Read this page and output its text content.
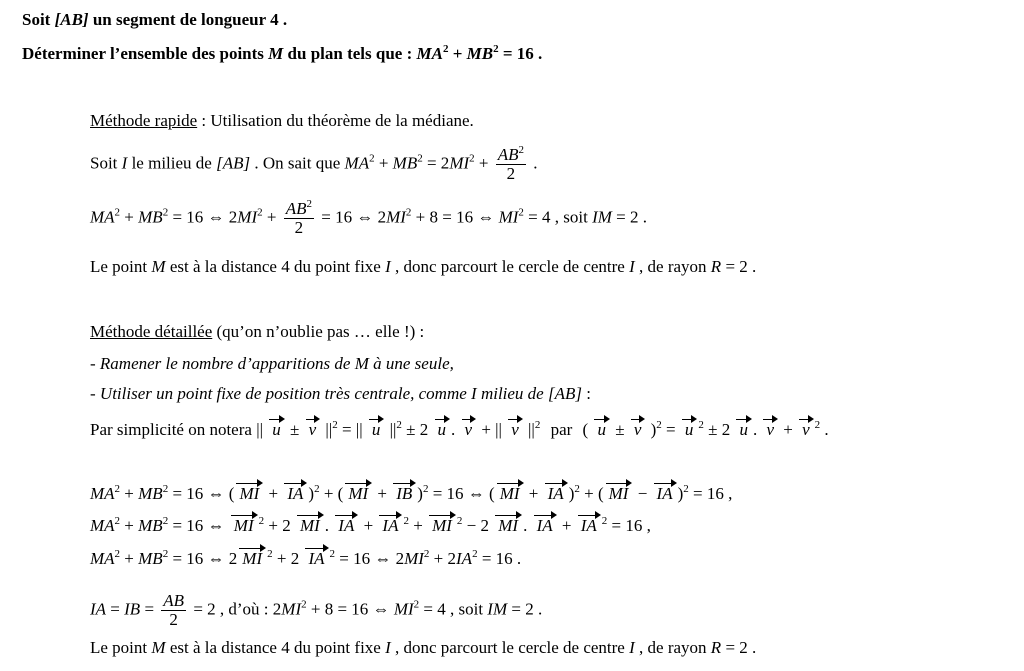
Soit [AB] un segment de longueur 4 .
Déterminer l’ensemble des points M du plan tels que : $MA^2 + MB^2 = 16$ .
Méthode rapide : Utilisation du théorème de la médiane.
Soit I le milieu de [AB] . On sait que $MA^2 + MB^2 = 2MI^2 + \frac{AB^2}{2}$ .
$MA^2 + MB^2 = 16$ ⇔ $2MI^2 + \frac{AB^2}{2} = 16$ ⇔ $2MI^2 + 8 = 16$ ⇔ $MI^2 = 4$ , soit IM = 2 .
Le point M est à la distance 4 du point fixe I , donc parcourt le cercle de centre I , de rayon R = 2 .
Méthode détaillée (qu’on n’oublie pas … elle !) :
- Ramener le nombre d’apparitions de M à une seule,
- Utiliser un point fixe de position très centrale, comme I milieu de [AB] :
Par simplicité on notera || u ± v $||^2$ = || u $||^2 \pm 2$ u . v + || v $||^2$ par ( u ± v )$^2$ = u $^2$ ± 2 u . v + v $^2$ .
$MA^2 + MB^2 = 16$ ⇔ ( MI + IA )$^2$ + ( MI + IB )$^2$ = 16 ⇔ ( MI + IA )$^2$ + ( MI − IA )$^2$ = 16 ,
$MA^2 + MB^2 = 16$ ⇔ MI $^2$ + 2 MI . IA + IA $^2$ + MI $^2$ − 2 MI . IA + IA $^2$ = 16 ,
$MA^2 + MB^2 = 16$ ⇔ 2 MI $^2$ + 2 IA $^2$ = 16 ⇔ $2MI^2 + 2IA^2 = 16$ .
IA = IB = $\frac{AB}{2} = 2$ , d’où : $2MI^2 + 8 = 16$ ⇔ $MI^2 = 4$ , soit IM = 2 .
Le point M est à la distance 4 du point fixe I , donc parcourt le cercle de centre I , de rayon R = 2 .
